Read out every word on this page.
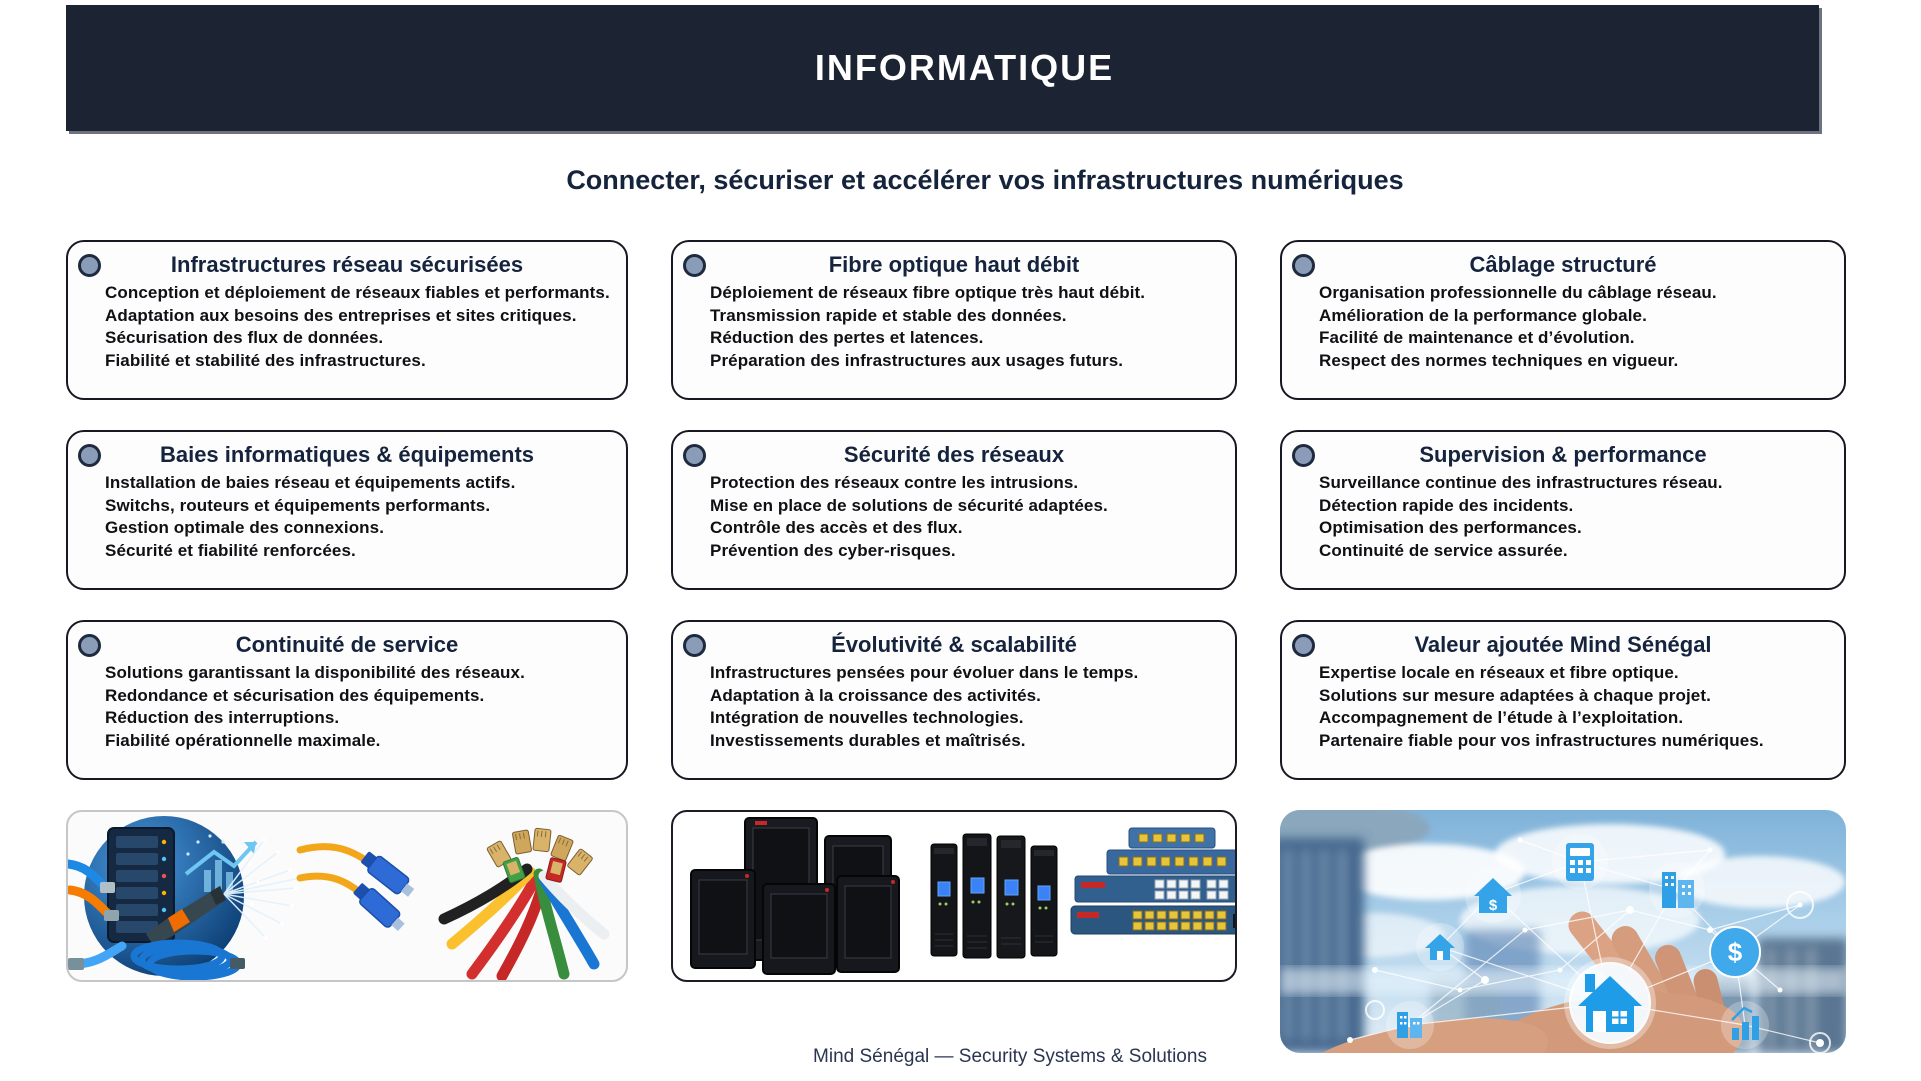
INFORMATIQUE
Connecter, sécuriser et accélérer vos infrastructures numériques
Infrastructures réseau sécurisées

Conception et déploiement de réseaux fiables et performants.

Adaptation aux besoins des entreprises et sites critiques.

Sécurisation des flux de données.

Fiabilité et stabilité des infrastructures.

Fibre optique haut débit

Déploiement de réseaux fibre optique très haut débit.

Transmission rapide et stable des données.

Réduction des pertes et latences.

Préparation des infrastructures aux usages futurs.

Câblage structuré

Organisation professionnelle du câblage réseau.

Amélioration de la performance globale.

Facilité de maintenance et d’évolution.

Respect des normes techniques en vigueur.

Baies informatiques & équipements

Installation de baies réseau et équipements actifs.

Switchs, routeurs et équipements performants.

Gestion optimale des connexions.

Sécurité et fiabilité renforcées.

Sécurité des réseaux

Protection des réseaux contre les intrusions.

Mise en place de solutions de sécurité adaptées.

Contrôle des accès et des flux.

Prévention des cyber-risques.

Supervision & performance

Surveillance continue des infrastructures réseau.

Détection rapide des incidents.

Optimisation des performances.

Continuité de service assurée.

Continuité de service

Solutions garantissant la disponibilité des réseaux.

Redondance et sécurisation des équipements.

Réduction des interruptions.

Fiabilité opérationnelle maximale.

Évolutivité & scalabilité

Infrastructures pensées pour évoluer dans le temps.

Adaptation à la croissance des activités.

Intégration de nouvelles technologies.

Investissements durables et maîtrisés.

Valeur ajoutée Mind Sénégal

Expertise locale en réseaux et fibre optique.

Solutions sur mesure adaptées à chaque projet.

Accompagnement de l’étude à l’exploitation.

Partenaire fiable pour vos infrastructures numériques.

$
$
Mind Sénégal — Security Systems & Solutions
